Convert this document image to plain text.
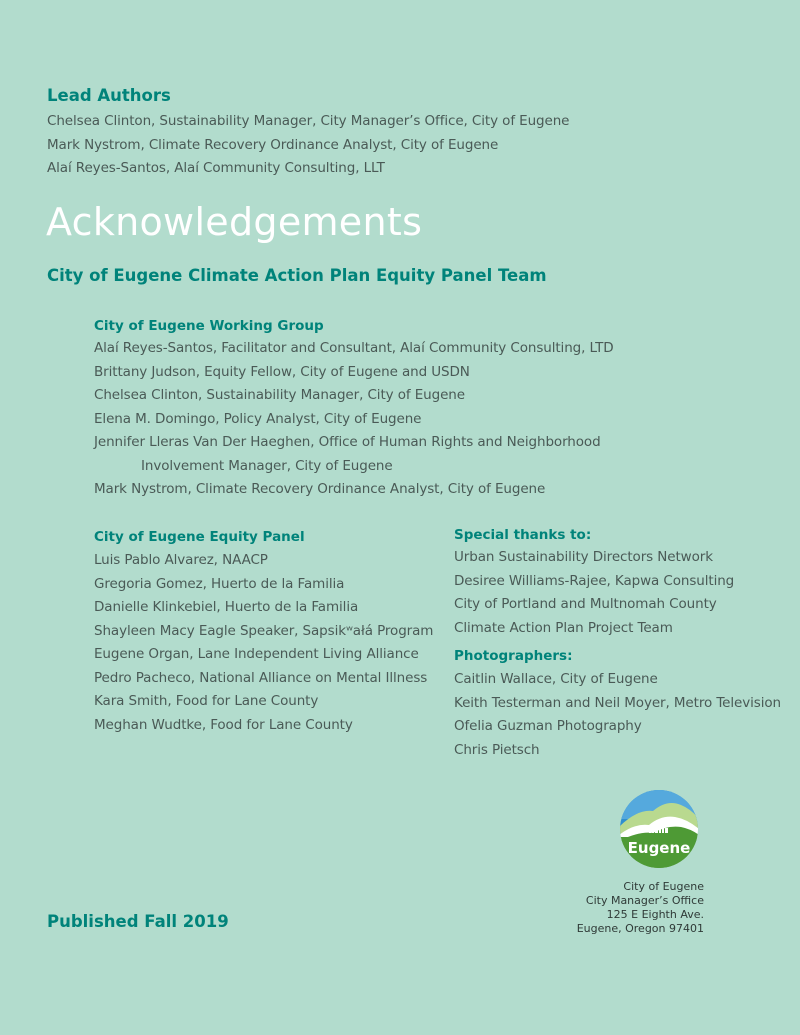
Lead Authors
Chelsea Clinton, Sustainability Manager, City Manager’s Office, City of Eugene
Mark Nystrom, Climate Recovery Ordinance Analyst, City of Eugene
Alaí Reyes-Santos, Alaí Community Consulting, LLT
Acknowledgements
City of Eugene Climate Action Plan Equity Panel Team
City of Eugene Working Group
Alaí Reyes-Santos, Facilitator and Consultant, Alaí Community Consulting, LTD
Brittany Judson, Equity Fellow, City of Eugene and USDN
Chelsea Clinton, Sustainability Manager, City of Eugene
Elena M. Domingo, Policy Analyst, City of Eugene
Jennifer Lleras Van Der Haeghen, Office of Human Rights and Neighborhood
Involvement Manager, City of Eugene
Mark Nystrom, Climate Recovery Ordinance Analyst, City of Eugene
City of Eugene Equity Panel
Luis Pablo Alvarez, NAACP
Gregoria Gomez, Huerto de la Familia
Danielle Klinkebiel, Huerto de la Familia
Shayleen Macy Eagle Speaker, Sapsikʷałá Program
Eugene Organ, Lane Independent Living Alliance
Pedro Pacheco, National Alliance on Mental Illness
Kara Smith, Food for Lane County
Meghan Wudtke, Food for Lane County
Special thanks to:
Urban Sustainability Directors Network
Desiree Williams-Rajee, Kapwa Consulting
City of Portland and Multnomah County
Climate Action Plan Project Team
Photographers:
Caitlin Wallace, City of Eugene
Keith Testerman and Neil Moyer, Metro Television
Ofelia Guzman Photography
Chris Pietsch
Published Fall 2019
Eugene
City of Eugene
City Manager’s Office
125 E Eighth Ave.
Eugene, Oregon 97401
